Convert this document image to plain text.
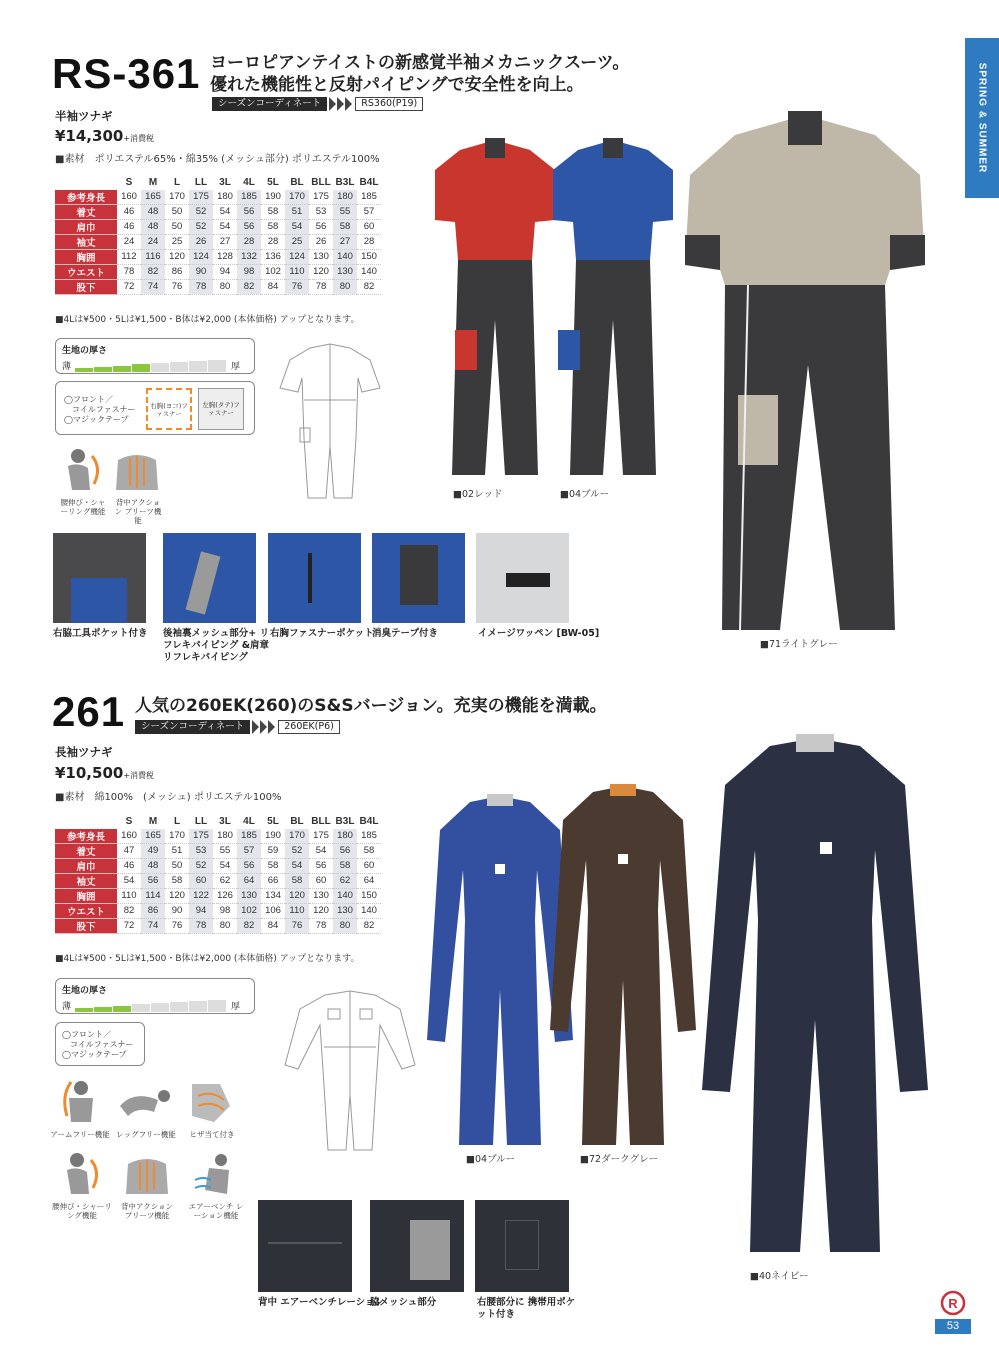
SPRING & SUMMER
RS-361 ヨーロピアンテイストの新感覚半袖メカニックスーツ。
優れた機能性と反射パイピングで安全性を向上。
シーズンコーディネート	RS360(P19)
半袖ツナギ
¥14,300+消費税
■素材　ポリエステル65%・綿35% (メッシュ部分) ポリエステル100%
	S	M	L	LL	3L	4L	5L	BL	BLL	B3L	B4L
参考身長	160	165	170	175	180	185	190	170	175	180	185
着丈	46	48	50	52	54	56	58	51	53	55	57
肩巾	46	48	50	52	54	56	58	54	56	58	60
袖丈	24	24	25	26	27	28	28	25	26	27	28
胸囲	112	116	120	124	128	132	136	124	130	140	150
ウエスト	78	82	86	90	94	98	102	110	120	130	140
股下	72	74	76	78	80	82	84	76	78	80	82
■4Lは¥500・5Lは¥1,500・B体は¥2,000 (本体価格) アップとなります。
生地の厚さ
薄	厚
◯フロント／
コイルファスナー
◯マジックテープ
右胸(ヨコ)ファスナー
左胸(タテ)ファスナー
腰伸び・シャーリング機能
背中アクション プリーツ機能
■02レッド	■04ブルー
■71ライトグレー
右脇工具ポケット付き 後袖裏メッシュ部分+ リフレキパイピング &肩章リフレキパイピング
右胸ファスナーポケット
消臭テープ付き	イメージワッペン [BW-05]
261 人気の260EK(260)のS&Sバージョン。充実の機能を満載。
シーズンコーディネート	260EK(P6)
長袖ツナギ
¥10,500+消費税
■素材　綿100%　(メッシュ) ポリエステル100%
	S	M	L	LL	3L	4L	5L	BL	BLL	B3L	B4L
参考身長	160	165	170	175	180	185	190	170	175	180	185
着丈	47	49	51	53	55	57	59	52	54	56	58
肩巾	46	48	50	52	54	56	58	54	56	58	60
袖丈	54	56	58	60	62	64	66	58	60	62	64
胸囲	110	114	120	122	126	130	134	120	130	140	150
ウエスト	82	86	90	94	98	102	106	110	120	130	140
股下	72	74	76	78	80	82	84	76	78	80	82
■4Lは¥500・5Lは¥1,500・B体は¥2,000 (本体価格) アップとなります。
生地の厚さ
薄	厚
◯フロント／
コイルファスナー
◯マジックテープ
アームフリー機能 レッグフリー機能	ヒザ当て付き
腰伸び・シャーリング機能
背中アクション プリーツ機能
エアーベンチ レーション機能
■04ブルー	■72ダークグレー
■40ネイビー
背中 エアーベンチレーション
脇メッシュ部分	右腰部分に 携帯用ポケット付き
R
53
